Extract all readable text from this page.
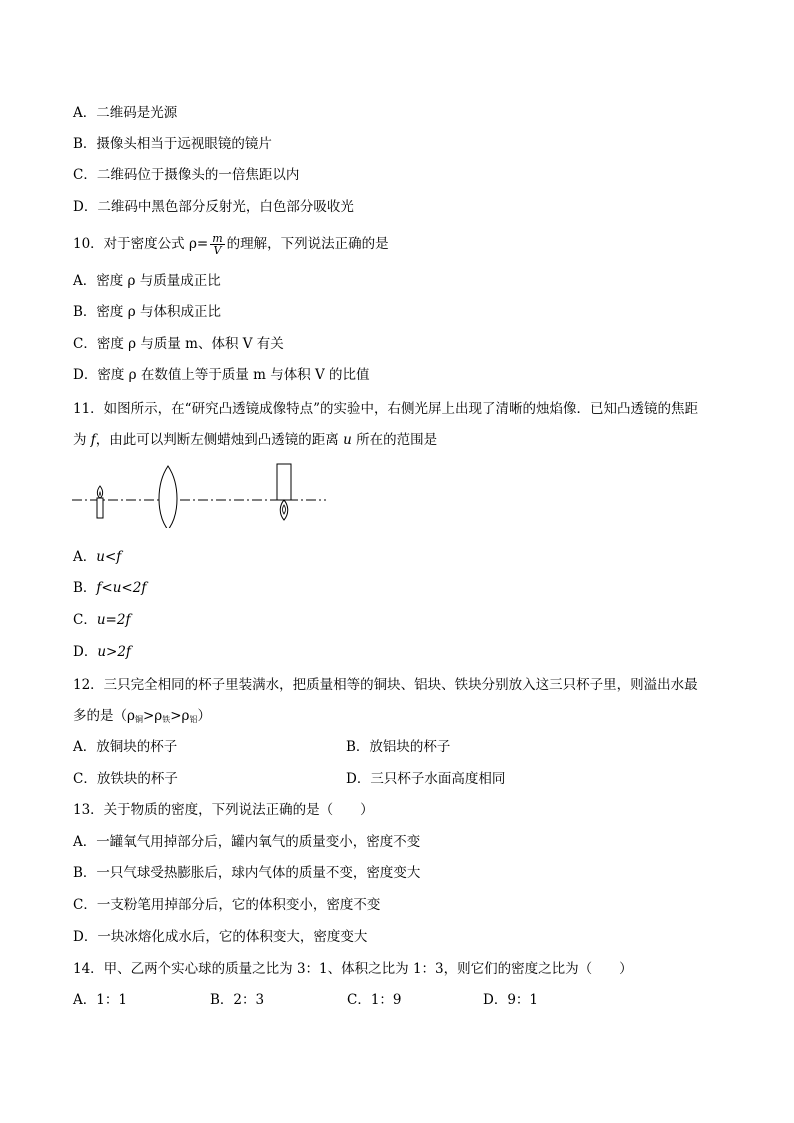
A．二维码是光源
B．摄像头相当于远视眼镜的镜片
C．二维码位于摄像头的一倍焦距以内
D．二维码中黑色部分反射光，白色部分吸收光
10．对于密度公式 $\rho= \frac{m}{V}$ 的理解，下列说法正确的是
A．密度 ρ 与质量成正比
B．密度 ρ 与体积成正比
C．密度 ρ 与质量 m、体积 V 有关
D．密度 ρ 在数值上等于质量 m 与体积 V 的比值
11．如图所示，在“研究凸透镜成像特点”的实验中，右侧光屏上出现了清晰的烛焰像．已知凸透镜的焦距
为 f，由此可以判断左侧蜡烛到凸透镜的距离 u 所在的范围是
A．u<f
B．f<u<2f
C．u=2f
D．u>2f
12．三只完全相同的杯子里装满水，把质量相等的铜块、铝块、铁块分别放入这三只杯子里，则溢出水最
多的是$(\rho_铜>\rho_铁>\rho_铝)$
A．放铜块的杯子	B．放铝块的杯子
C．放铁块的杯子	D．三只杯子水面高度相同
13．关于物质的密度，下列说法正确的是（　　）
A．一罐氧气用掉部分后，罐内氧气的质量变小，密度不变
B．一只气球受热膨胀后，球内气体的质量不变，密度变大
C．一支粉笔用掉部分后，它的体积变小，密度不变
D．一块冰熔化成水后，它的体积变大，密度变大
14．甲、乙两个实心球的质量之比为 3：1、体积之比为 1：3，则它们的密度之比为（　　）
A．1：1	B．2：3	C．1：9	D．9：1
